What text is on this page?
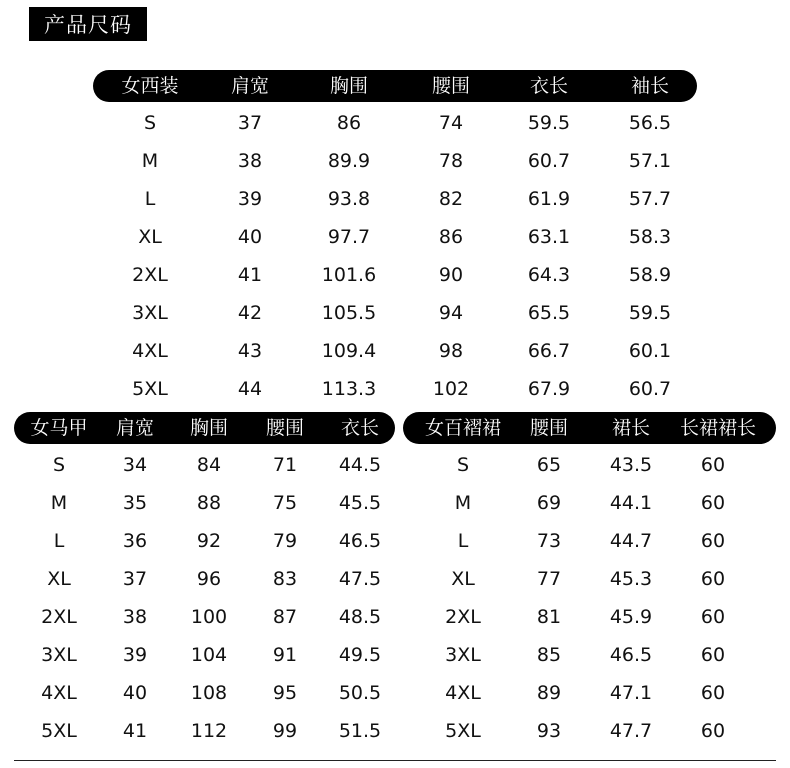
产品尺码
女西装	肩宽	胸围	腰围	衣长	袖长
S	37	86	74	59.5	56.5
M	38	89.9	78	60.7	57.1
L	39	93.8	82	61.9	57.7
XL	40	97.7	86	63.1	58.3
2XL	41	101.6	90	64.3	58.9
3XL	42	105.5	94	65.5	59.5
4XL	43	109.4	98	66.7	60.1
5XL	44	113.3	102	67.9	60.7
女马甲 肩宽 胸围 腰围 衣长
S	34	84	71 44.5
M	35	88	75 45.5
L	36	92	79 46.5
XL	37	96	83 47.5
2XL 38 100 87 48.5
3XL 39 104 91 49.5
4XL 40 108 95 50.5
5XL 41 112 99 51.5
女百褶裙 腰围 裙长 长裙裙长
S	65	43.5	60
M	69	44.1	60
L	73	44.7	60
XL	77	45.3	60
2XL	81	45.9	60
3XL	85	46.5	60
4XL	89	47.1	60
5XL	93	47.7	60
